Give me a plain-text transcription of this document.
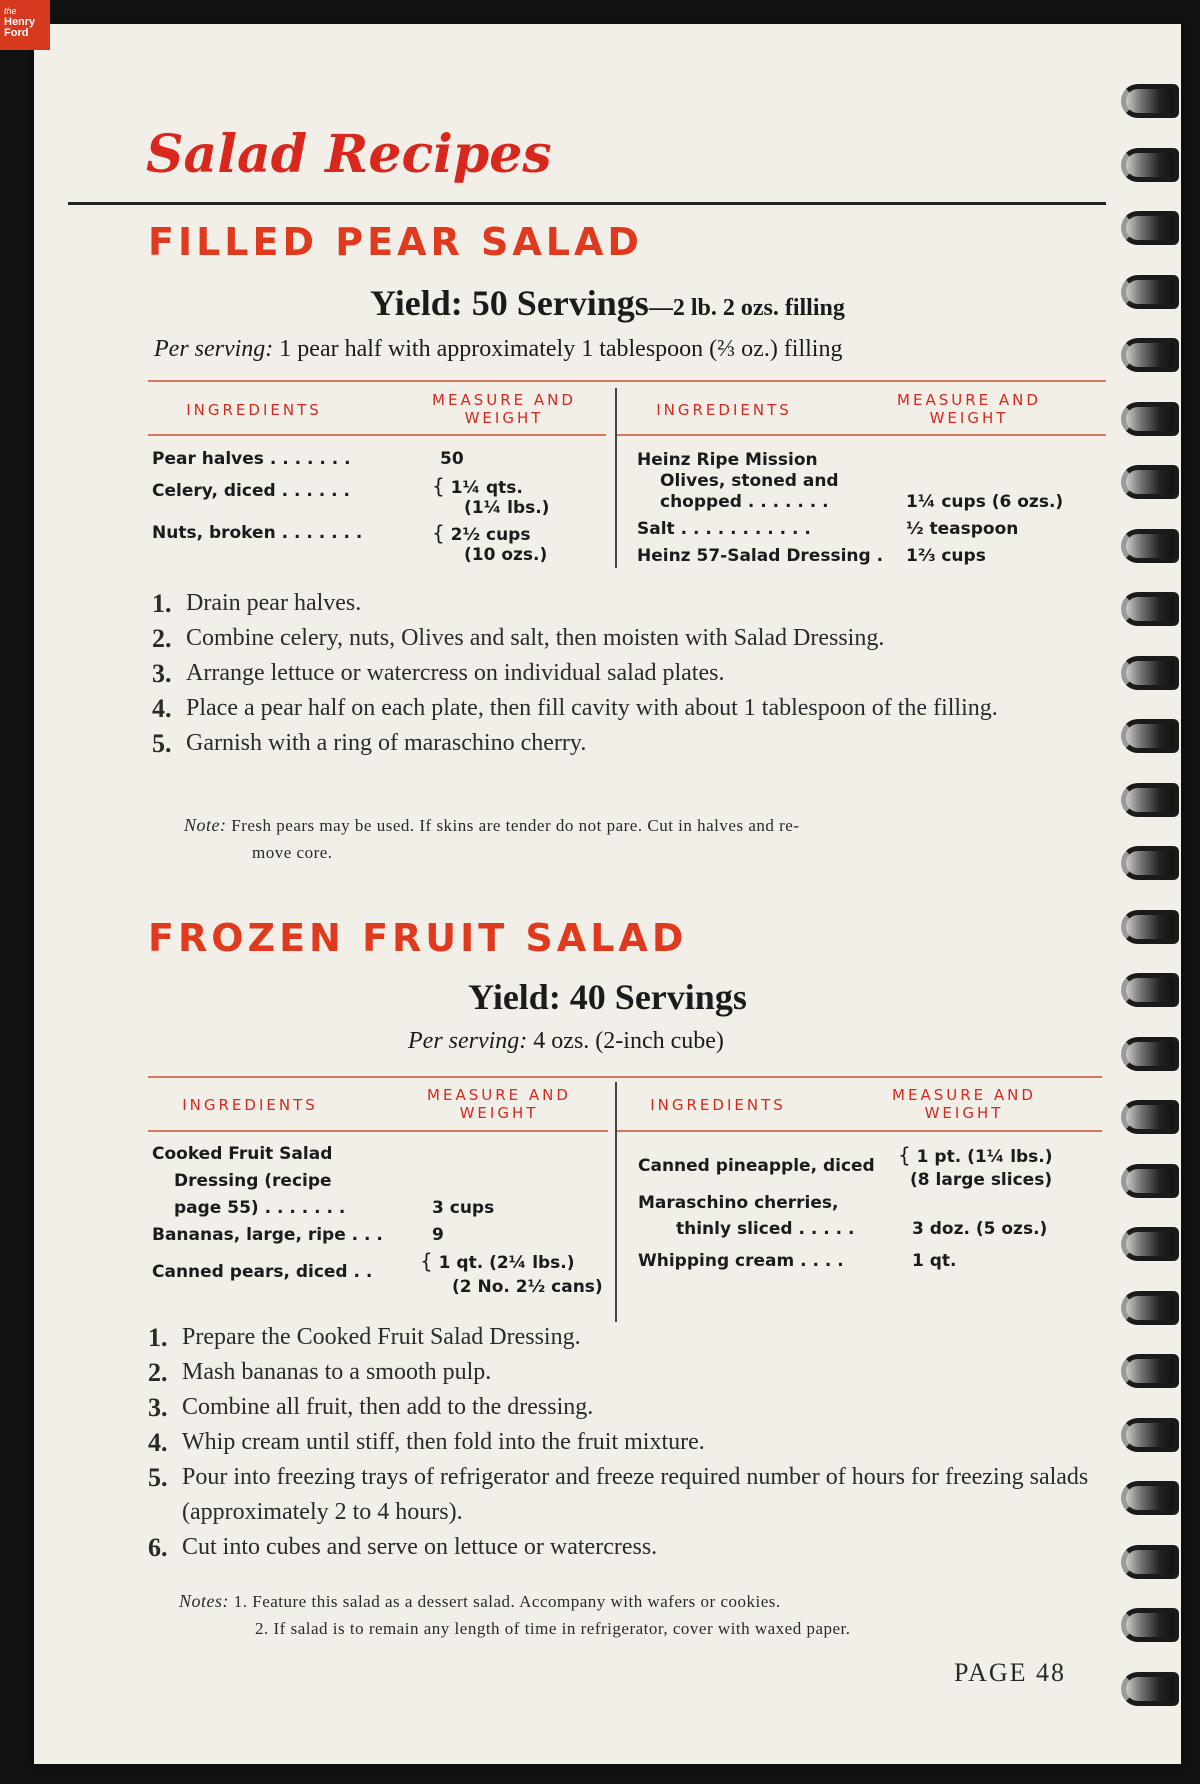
the
Henry
Ford
Salad Recipes
FILLED PEAR SALAD
Yield: 50 Servings—2 lb. 2 ozs. filling
Per serving: 1 pear half with approximately 1 tablespoon (⅔ oz.) filling
INGREDIENTS
MEASURE AND
WEIGHT	INGREDIENTS
MEASURE AND
WEIGHT
Pear halves . . . . . . .	50
Celery, diced . . . . . .	{ 1¼ qts.
(1¼ lbs.)
Nuts, broken . . . . . . .	{ 2½ cups
(10 ozs.)
Heinz Ripe Mission
Olives, stoned and
chopped . . . . . . .	1¼ cups (6 ozs.)
Salt . . . . . . . . . . .	½ teaspoon
Heinz 57-Salad Dressing . 1⅔ cups
1. Drain pear halves.
2. Combine celery, nuts, Olives and salt, then moisten with Salad Dressing.
3. Arrange lettuce or watercress on individual salad plates.
4. Place a pear half on each plate, then fill cavity with about 1 tablespoon of the filling.
5. Garnish with a ring of maraschino cherry.
Note: Fresh pears may be used. If skins are tender do not pare. Cut in halves and re-
move core.
FROZEN FRUIT SALAD
Yield: 40 Servings
Per serving: 4 ozs. (2-inch cube)
INGREDIENTS
MEASURE AND
WEIGHT	INGREDIENTS
MEASURE AND
WEIGHT
Cooked Fruit Salad
Dressing (recipe
page 55) . . . . . . .	3 cups
Bananas, large, ripe . . .	9
Canned pears, diced . . { 1 qt. (2¼ lbs.)
(2 No. 2½ cans)
Canned pineapple, diced { 1 pt. (1¼ lbs.)
(8 large slices)
Maraschino cherries,
thinly sliced . . . . .	3 doz. (5 ozs.)
Whipping cream . . . .	1 qt.
1. Prepare the Cooked Fruit Salad Dressing.
2. Mash bananas to a smooth pulp.
3. Combine all fruit, then add to the dressing.
4. Whip cream until stiff, then fold into the fruit mixture.
5. Pour into freezing trays of refrigerator and freeze required number of hours for freezing salads (approximately 2 to 4 hours).
6. Cut into cubes and serve on lettuce or watercress.
Notes: 1. Feature this salad as a dessert salad. Accompany with wafers or cookies.
2. If salad is to remain any length of time in refrigerator, cover with waxed paper.
PAGE 48
